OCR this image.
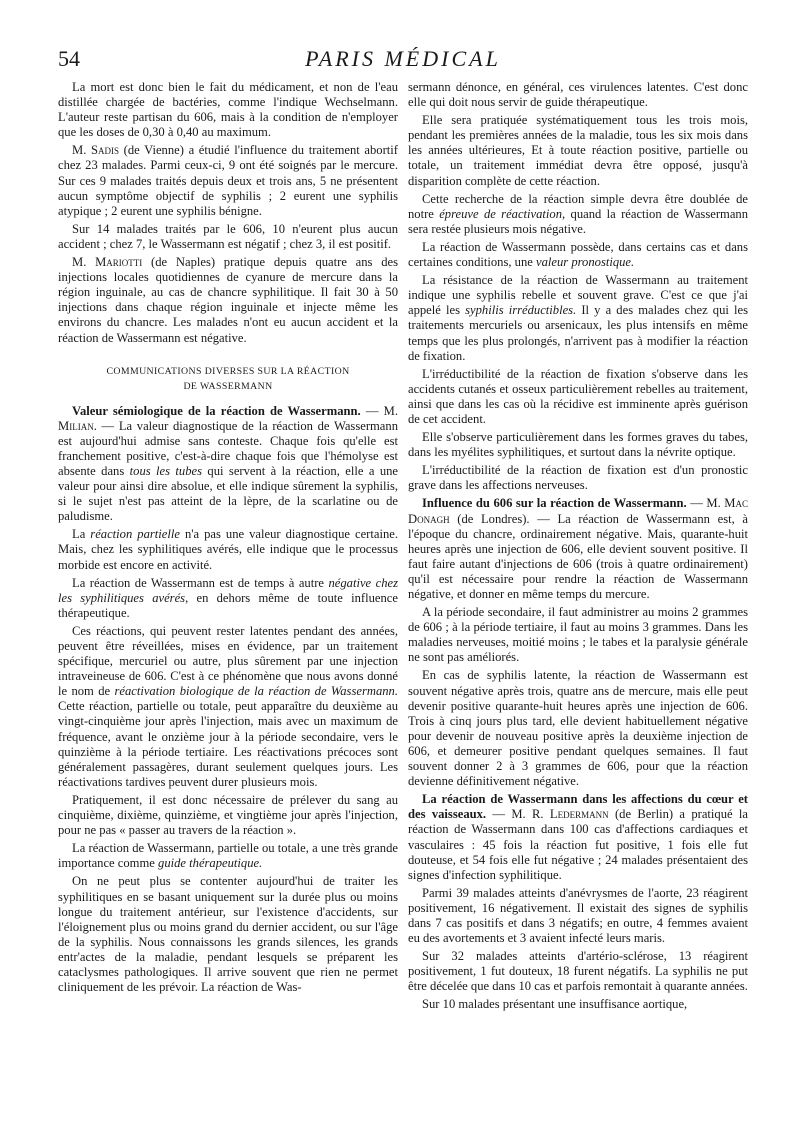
54	PARIS MÉDICAL

La mort est donc bien le fait du médicament, et non de l'eau distillée chargée de bactéries, comme l'indique Wechselmann. L'auteur reste partisan du 606, mais à la condition de n'employer que les doses de 0,30 à 0,40 au maximum.

M. Sadis (de Vienne) a étudié l'influence du traitement abortif chez 23 malades. Parmi ceux-ci, 9 ont été soignés par le mercure. Sur ces 9 malades traités depuis deux et trois ans, 5 ne présentent aucun symptôme objectif de syphilis ; 2 eurent une syphilis atypique ; 2 eurent une syphilis bénigne.

Sur 14 malades traités par le 606, 10 n'eurent plus aucun accident ; chez 7, le Wassermann est négatif ; chez 3, il est positif.

M. Mariotti (de Naples) pratique depuis quatre ans des injections locales quotidiennes de cyanure de mercure dans la région inguinale, au cas de chancre syphilitique. Il fait 30 à 50 injections dans chaque région inguinale et injecte même les environs du chancre. Les malades n'ont eu aucun accident et la réaction de Wassermann est négative.

COMMUNICATIONS DIVERSES SUR LA RÉACTION
DE WASSERMANN

Valeur sémiologique de la réaction de Wassermann. — M. Milian. — La valeur diagnostique de la réaction de Wassermann est aujourd'hui admise sans conteste. Chaque fois qu'elle est franchement positive, c'est-à-dire chaque fois que l'hémolyse est absente dans tous les tubes qui servent à la réaction, elle a une valeur pour ainsi dire absolue, et elle indique sûrement la syphilis, si le sujet n'est pas atteint de la lèpre, de la scarlatine ou de paludisme.

La réaction partielle n'a pas une valeur diagnostique certaine. Mais, chez les syphilitiques avérés, elle indique que le processus morbide est encore en activité.

La réaction de Wassermann est de temps à autre négative chez les syphilitiques avérés, en dehors même de toute influence thérapeutique.

Ces réactions, qui peuvent rester latentes pendant des années, peuvent être réveillées, mises en évidence, par un traitement spécifique, mercuriel ou autre, plus sûrement par une injection intraveineuse de 606. C'est à ce phénomène que nous avons donné le nom de réactivation biologique de la réaction de Wassermann. Cette réaction, partielle ou totale, peut apparaître du deuxième au vingt-cinquième jour après l'injection, mais avec un maximum de fréquence, avant le onzième jour à la période secondaire, vers le quinzième à la période tertiaire. Les réactivations précoces sont généralement passagères, durant seulement quelques jours. Les réactivations tardives peuvent durer plusieurs mois.

Pratiquement, il est donc nécessaire de prélever du sang au cinquième, dixième, quinzième, et vingtième jour après l'injection, pour ne pas « passer au travers de la réaction ».

La réaction de Wassermann, partielle ou totale, a une très grande importance comme guide thérapeutique.

On ne peut plus se contenter aujourd'hui de traiter les syphilitiques en se basant uniquement sur la durée plus ou moins longue du traitement antérieur, sur l'existence d'accidents, sur l'éloignement plus ou moins grand du dernier accident, ou sur l'âge de la syphilis. Nous connaissons les grands silences, les grands entr'actes de la maladie, pendant lesquels se préparent les cataclysmes pathologiques. Il arrive souvent que rien ne permet cliniquement de les prévoir. La réaction de Was-

sermann dénonce, en général, ces virulences latentes. C'est donc elle qui doit nous servir de guide thérapeutique.

Elle sera pratiquée systématiquement tous les trois mois, pendant les premières années de la maladie, tous les six mois dans les années ultérieures, Et à toute réaction positive, partielle ou totale, un traitement immédiat devra être opposé, jusqu'à disparition complète de cette réaction.

Cette recherche de la réaction simple devra être doublée de notre épreuve de réactivation, quand la réaction de Wassermann sera restée plusieurs mois négative.

La réaction de Wassermann possède, dans certains cas et dans certaines conditions, une valeur pronostique.

La résistance de la réaction de Wassermann au traitement indique une syphilis rebelle et souvent grave. C'est ce que j'ai appelé les syphilis irréductibles. Il y a des malades chez qui les traitements mercuriels ou arsenicaux, les plus intensifs en même temps que les plus prolongés, n'arrivent pas à modifier la réaction de fixation.

L'irréductibilité de la réaction de fixation s'observe dans les accidents cutanés et osseux particulièrement rebelles au traitement, ainsi que dans les cas où la récidive est imminente après guérison de cet accident.

Elle s'observe particulièrement dans les formes graves du tabes, dans les myélites syphilitiques, et surtout dans la névrite optique.

L'irréductibilité de la réaction de fixation est d'un pronostic grave dans les affections nerveuses.

Influence du 606 sur la réaction de Wassermann. — M. Mac Donagh (de Londres). — La réaction de Wassermann est, à l'époque du chancre, ordinairement négative. Mais, quarante-huit heures après une injection de 606, elle devient souvent positive. Il faut faire autant d'injections de 606 (trois à quatre ordinairement) qu'il est nécessaire pour rendre la réaction de Wassermann négative, et donner en même temps du mercure.

A la période secondaire, il faut administrer au moins 2 grammes de 606 ; à la période tertiaire, il faut au moins 3 grammes. Dans les maladies nerveuses, moitié moins ; le tabes et la paralysie générale ne sont pas améliorés.

En cas de syphilis latente, la réaction de Wassermann est souvent négative après trois, quatre ans de mercure, mais elle peut devenir positive quarante-huit heures après une injection de 606. Trois à cinq jours plus tard, elle devient habituellement négative pour devenir de nouveau positive après la deuxième injection de 606, et demeurer positive pendant quelques semaines. Il faut souvent donner 2 à 3 grammes de 606, pour que la réaction devienne définitivement négative.

La réaction de Wassermann dans les affections du cœur et des vaisseaux. — M. R. Ledermann (de Berlin) a pratiqué la réaction de Wassermann dans 100 cas d'affections cardiaques et vasculaires : 45 fois la réaction fut positive, 1 fois elle fut douteuse, et 54 fois elle fut négative ; 24 malades présentaient des signes d'infection syphilitique.

Parmi 39 malades atteints d'anévrysmes de l'aorte, 23 réagirent positivement, 16 négativement. Il existait des signes de syphilis dans 7 cas positifs et dans 3 négatifs; en outre, 4 femmes avaient eu des avortements et 3 avaient infecté leurs maris.

Sur 32 malades atteints d'artério-sclérose, 13 réagirent positivement, 1 fut douteux, 18 furent négatifs. La syphilis ne put être décelée que dans 10 cas et parfois remontait à quarante années.

Sur 10 malades présentant une insuffisance aortique,
